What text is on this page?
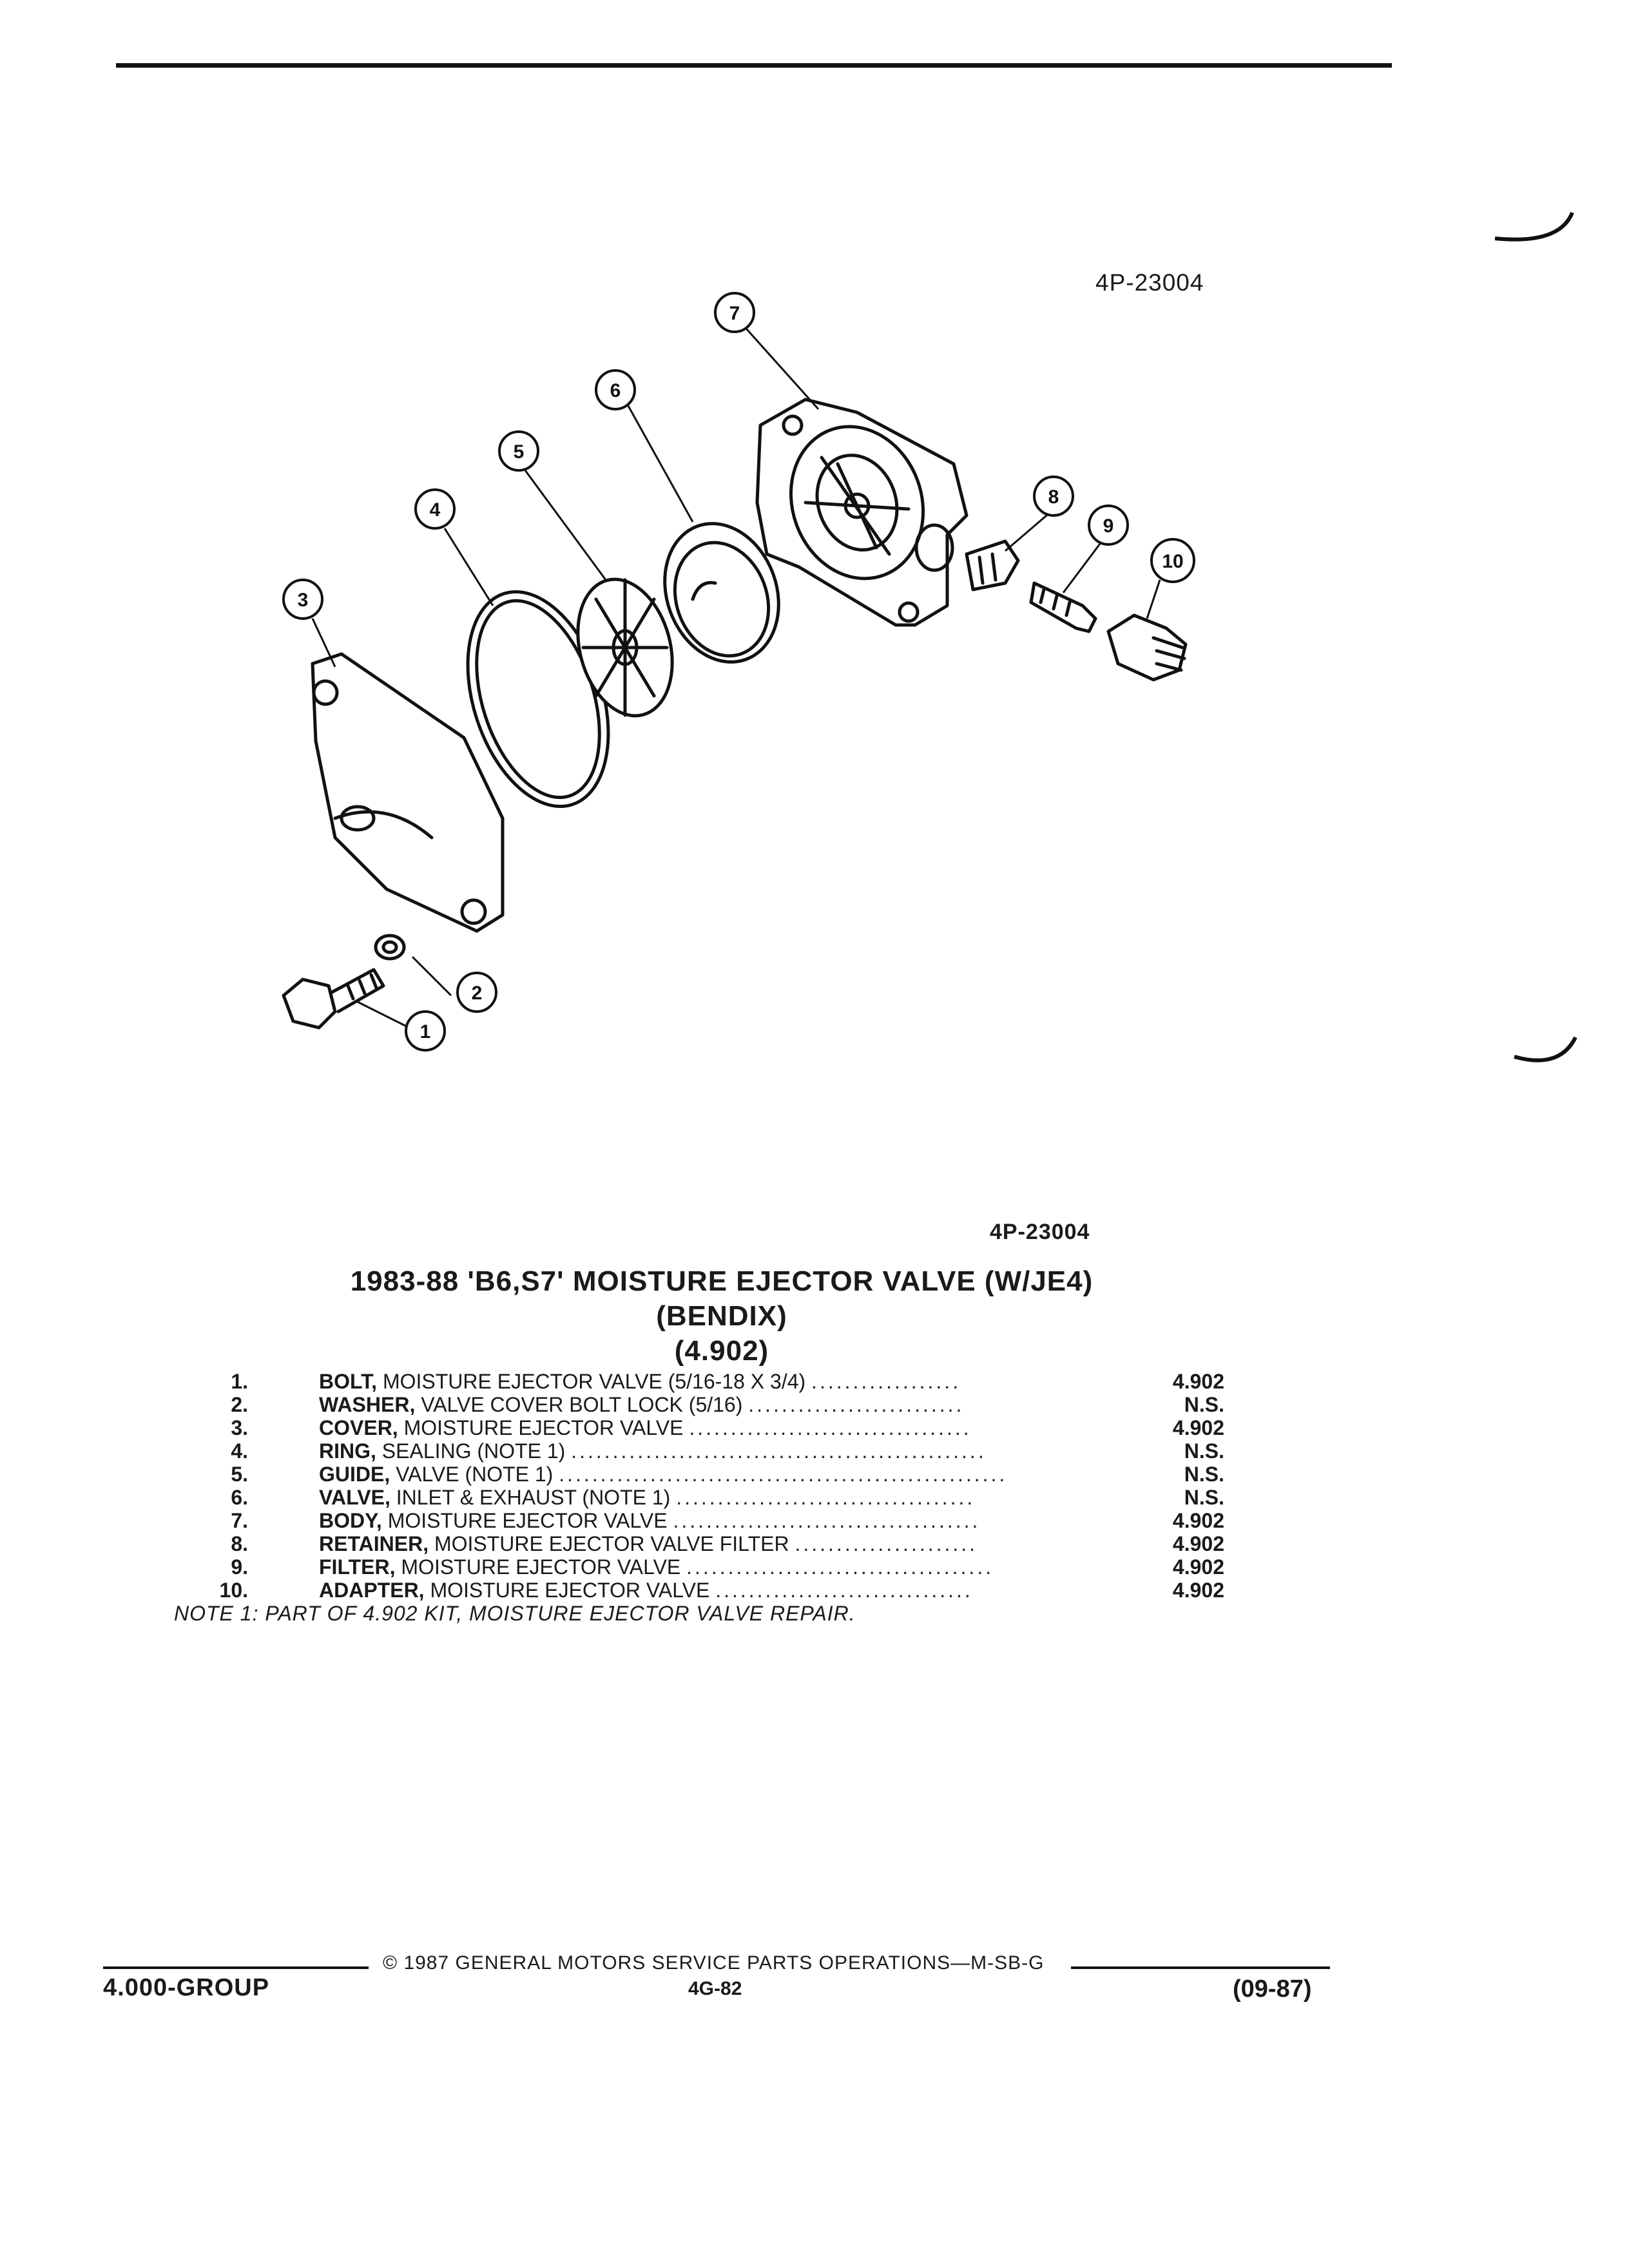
4P-23004
7
6
5
4
3
8
9
10
2
1
4P-23004
1983-88 'B6,S7' MOISTURE EJECTOR VALVE (W/JE4)
(BENDIX)
(4.902)
1.	BOLT, MOISTURE EJECTOR VALVE (5/16-18 X 3/4) ..................	4.902
2.	WASHER, VALVE COVER BOLT LOCK (5/16) ..........................	N.S.
3.	COVER, MOISTURE EJECTOR VALVE ..................................	4.902
4.	RING, SEALING (NOTE 1) ..................................................	N.S.
5.	GUIDE, VALVE (NOTE 1) ......................................................	N.S.
6.	VALVE, INLET & EXHAUST (NOTE 1) ....................................	N.S.
7.	BODY, MOISTURE EJECTOR VALVE .....................................	4.902
8.	RETAINER, MOISTURE EJECTOR VALVE FILTER ......................	4.902
9.	FILTER, MOISTURE EJECTOR VALVE .....................................	4.902
10.	ADAPTER, MOISTURE EJECTOR VALVE ...............................	4.902
NOTE 1: PART OF 4.902 KIT, MOISTURE EJECTOR VALVE REPAIR.
© 1987 GENERAL MOTORS SERVICE PARTS OPERATIONS—M-SB-G
4.000-GROUP	4G-82	(09-87)
